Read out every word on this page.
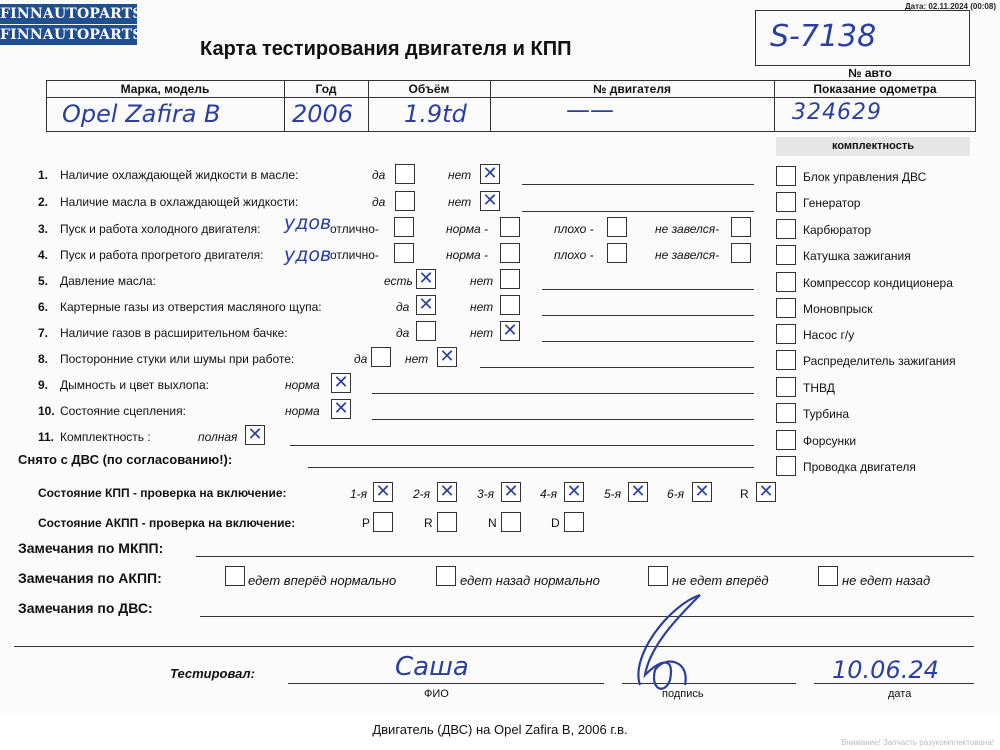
FINNAUTOPARTS
FINNAUTOPARTS
Дата: 02.11.2024 (00:08)
Карта тестирования двигателя и КПП	S-7138
№ авто
Марка, модель	Год	Объём	№ двигателя	Показание одометра
Opel Zafira B	2006 1.9td	——	324629
комплектность
Блок управления ДВС
Генератор
Карбюратор
Катушка зажигания
Компрессор кондиционера
Моновпрыск
Насос г/у
Распределитель зажигания
ТНВД
Турбина
Форсунки
Проводка двигателя
1. Наличие охлаждающей жидкости в масле:	да	нет ✕
2. Наличие масла в охлаждающей жидкости:	да	нет ✕
3. Пуск и работа холодного двигателя: удов
отлично-	норма -	плохо -	не завелся-
4. Пуск и работа прогретого двигателя: удов
отлично-	норма -	плохо -	не завелся-
5. Давление масла:	есть ✕	нет
6. Картерные газы из отверстия масляного щупа:	да ✕	нет
7. Наличие газов в расширительном бачке:	да	нет ✕
8. Посторонние стуки или шумы при работе:	да	нет ✕
9. Дымность и цвет выхлопа:	норма ✕
10. Состояние сцепления:	норма ✕
11. Комплектность :	полная ✕
Снято с ДВС (по согласованию!):
Состояние КПП - проверка на включение:	1-я ✕ 2-я ✕ 3-я ✕ 4-я ✕ 5-я ✕ 6-я ✕	R ✕
Состояние АКПП - проверка на включение:	P	R	N	D
Замечания по МКПП:
Замечания по АКПП:	едет вперёд нормально	едет назад нормально	не едет вперёд	не едет назад
Замечания по ДВС:
Тестировал:	Саша
ФИО	подпись
10.06.24
дата
Двигатель (ДВС) на Opel Zafira B, 2006 г.в.
Внимание! Запчасть разукомплектована!
